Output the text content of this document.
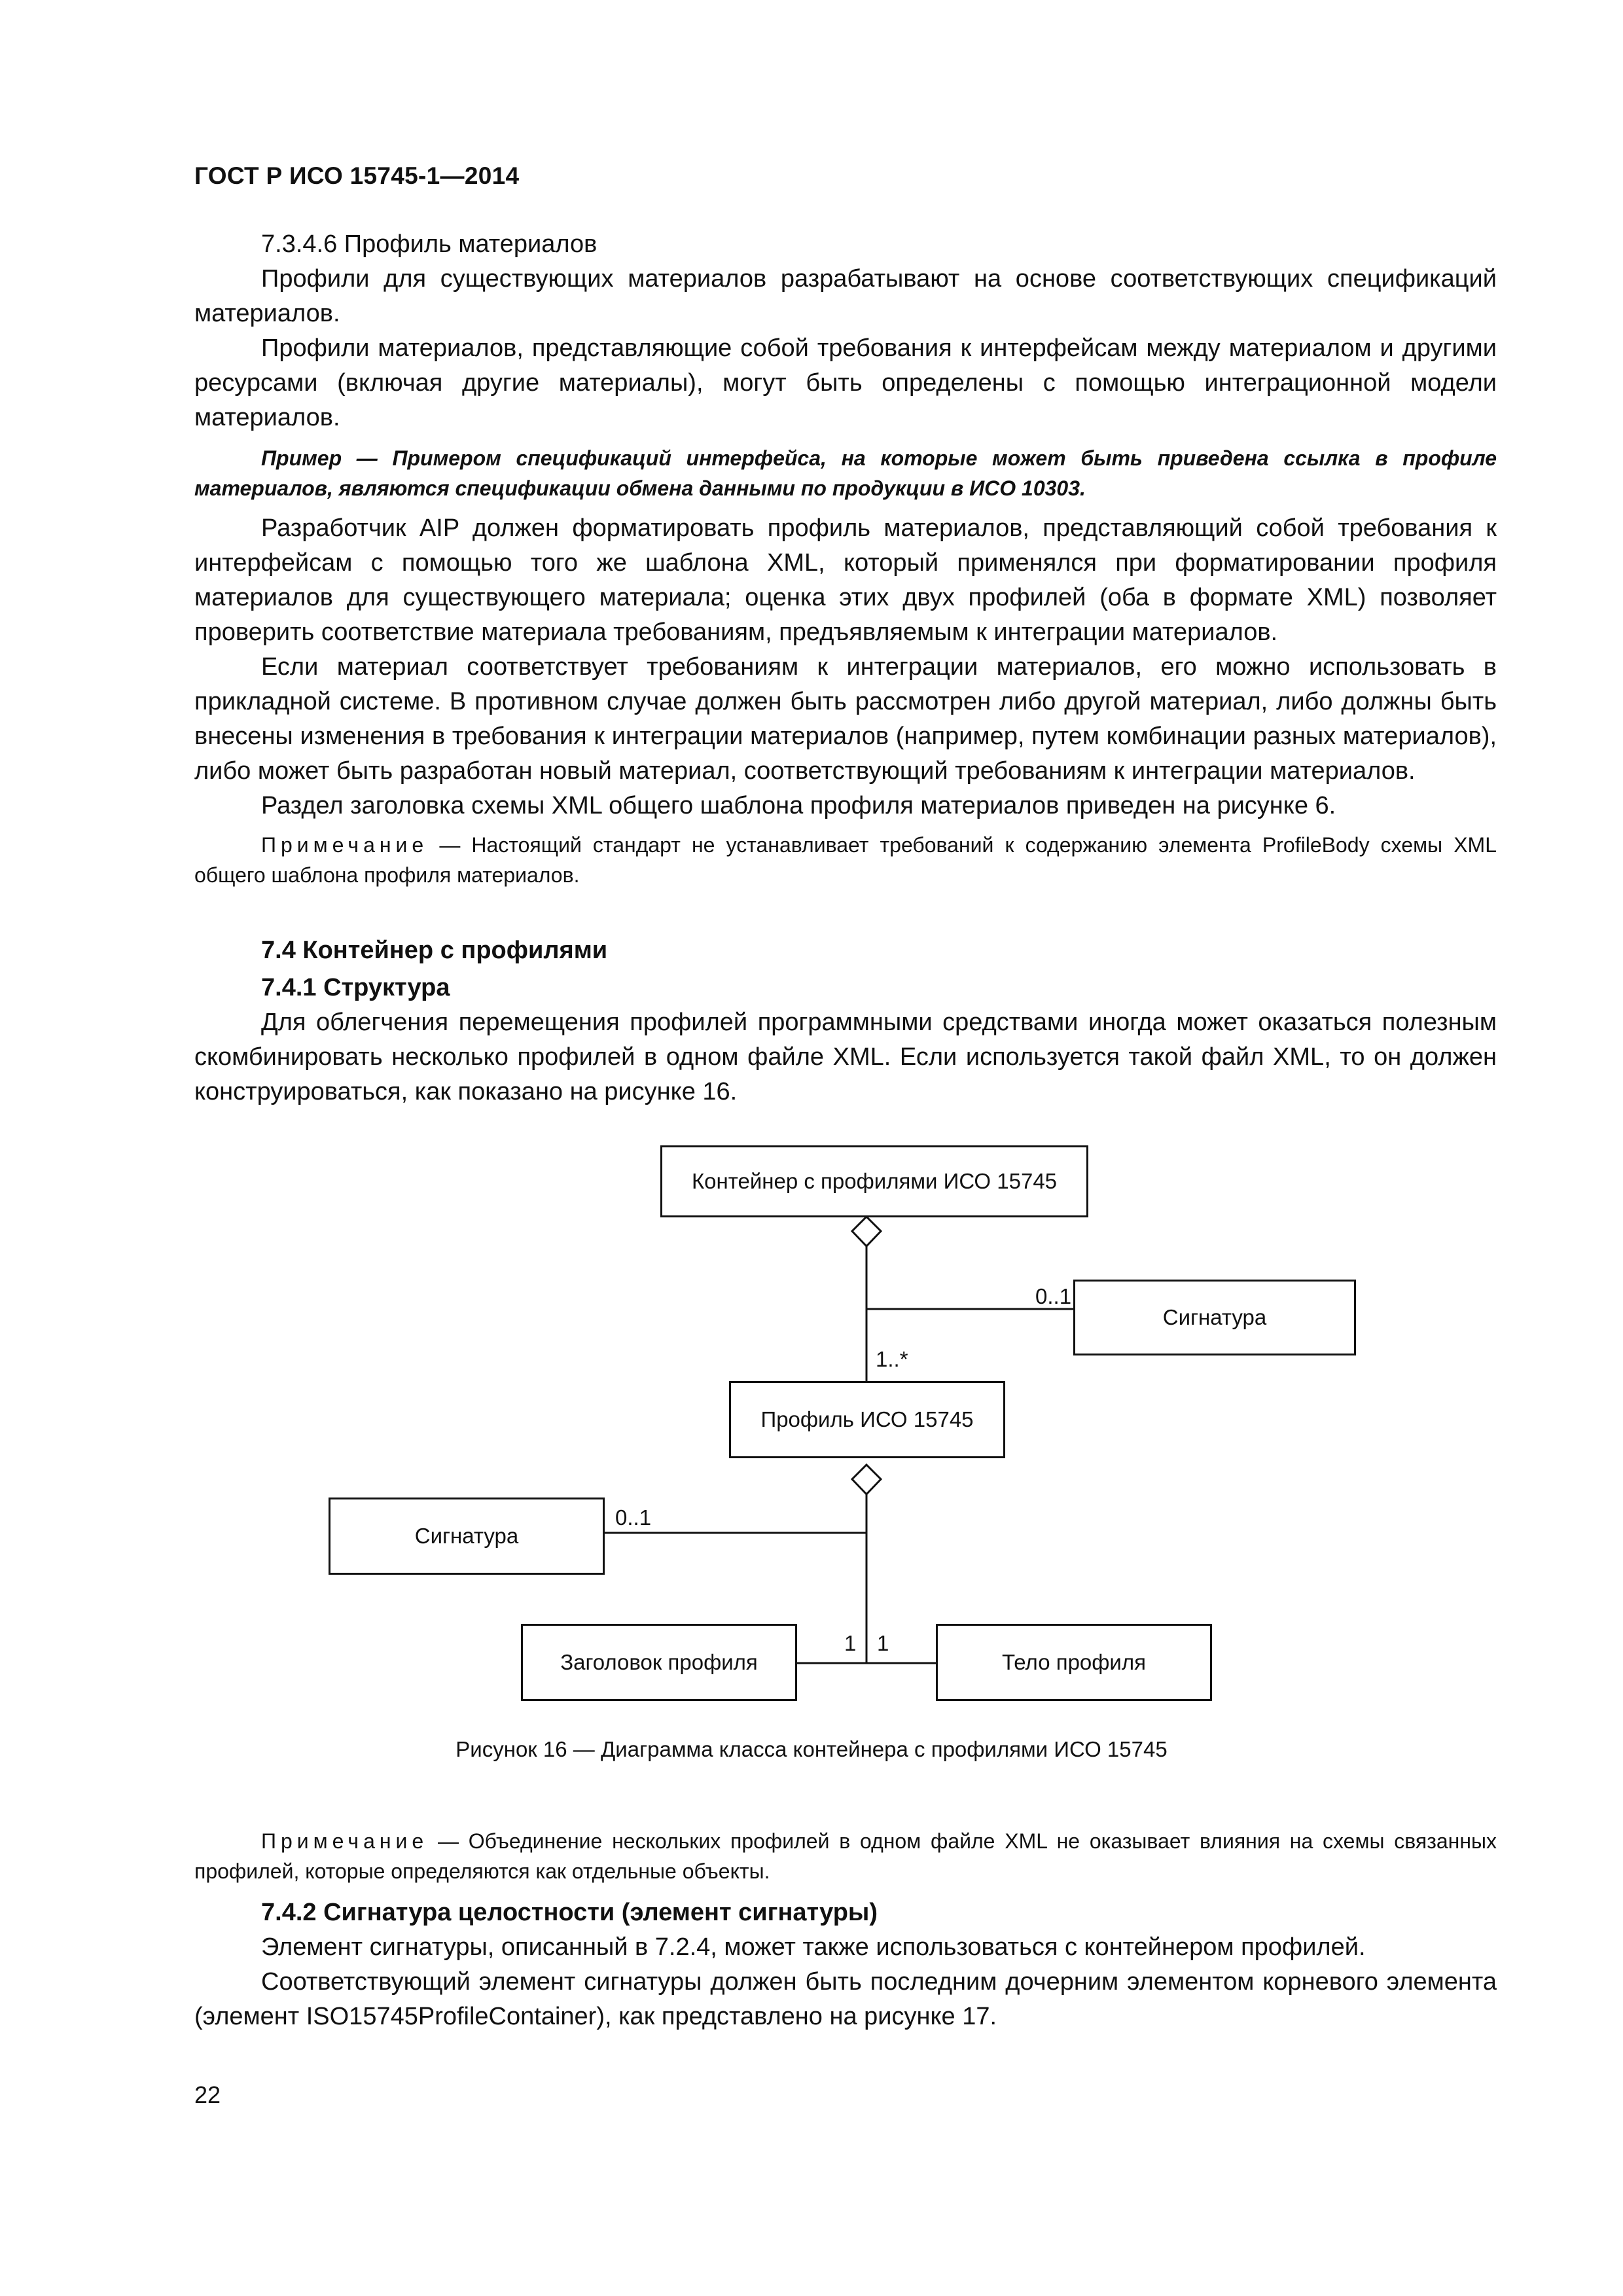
ГОСТ Р ИСО 15745-1—2014

7.3.4.6 Профиль материалов

Профили для существующих материалов разрабатывают на основе соответствующих спецификаций материалов.

Профили материалов, представляющие собой требования к интерфейсам между материалом и другими ресурсами (включая другие материалы), могут быть определены с помощью интеграционной модели материалов.

Пример — Примером спецификаций интерфейса, на которые может быть приведена ссылка в профиле материалов, являются спецификации обмена данными по продукции в ИСО 10303.

Разработчик AIP должен форматировать профиль материалов, представляющий собой требования к интерфейсам с помощью того же шаблона XML, который применялся при форматировании профиля материалов для существующего материала; оценка этих двух профилей (оба в формате XML) позволяет проверить соответствие материала требованиям, предъявляемым к интеграции материалов.

Если материал соответствует требованиям к интеграции материалов, его можно использовать в прикладной системе. В противном случае должен быть рассмотрен либо другой материал, либо должны быть внесены изменения в требования к интеграции материалов (например, путем комбинации разных материалов), либо может быть разработан новый материал, соответствующий требованиям к интеграции материалов.

Раздел заголовка схемы XML общего шаблона профиля материалов приведен на рисунке 6.

Примечание — Настоящий стандарт не устанавливает требований к содержанию элемента ProfileBody схемы XML общего шаблона профиля материалов.

7.4 Контейнер с профилями

7.4.1 Структура

Для облегчения перемещения профилей программными средствами иногда может оказаться полезным скомбинировать несколько профилей в одном файле XML. Если используется такой файл XML, то он должен конструироваться, как показано на рисунке 16.

Контейнер с профилями ИСО 15745
Сигнатура
Профиль ИСО 15745
Сигнатура
Заголовок профиля	Тело профиля
0..1
1..*
0..1
1 1
Рисунок 16 — Диаграмма класса контейнера с профилями ИСО 15745

Примечание — Объединение нескольких профилей в одном файле XML не оказывает влияния на схемы связанных профилей, которые определяются как отдельные объекты.

7.4.2 Сигнатура целостности (элемент сигнатуры)

Элемент сигнатуры, описанный в 7.2.4, может также использоваться с контейнером профилей.

Соответствующий элемент сигнатуры должен быть последним дочерним элементом корневого элемента (элемент ISO15745ProfileContainer), как представлено на рисунке 17.

22
